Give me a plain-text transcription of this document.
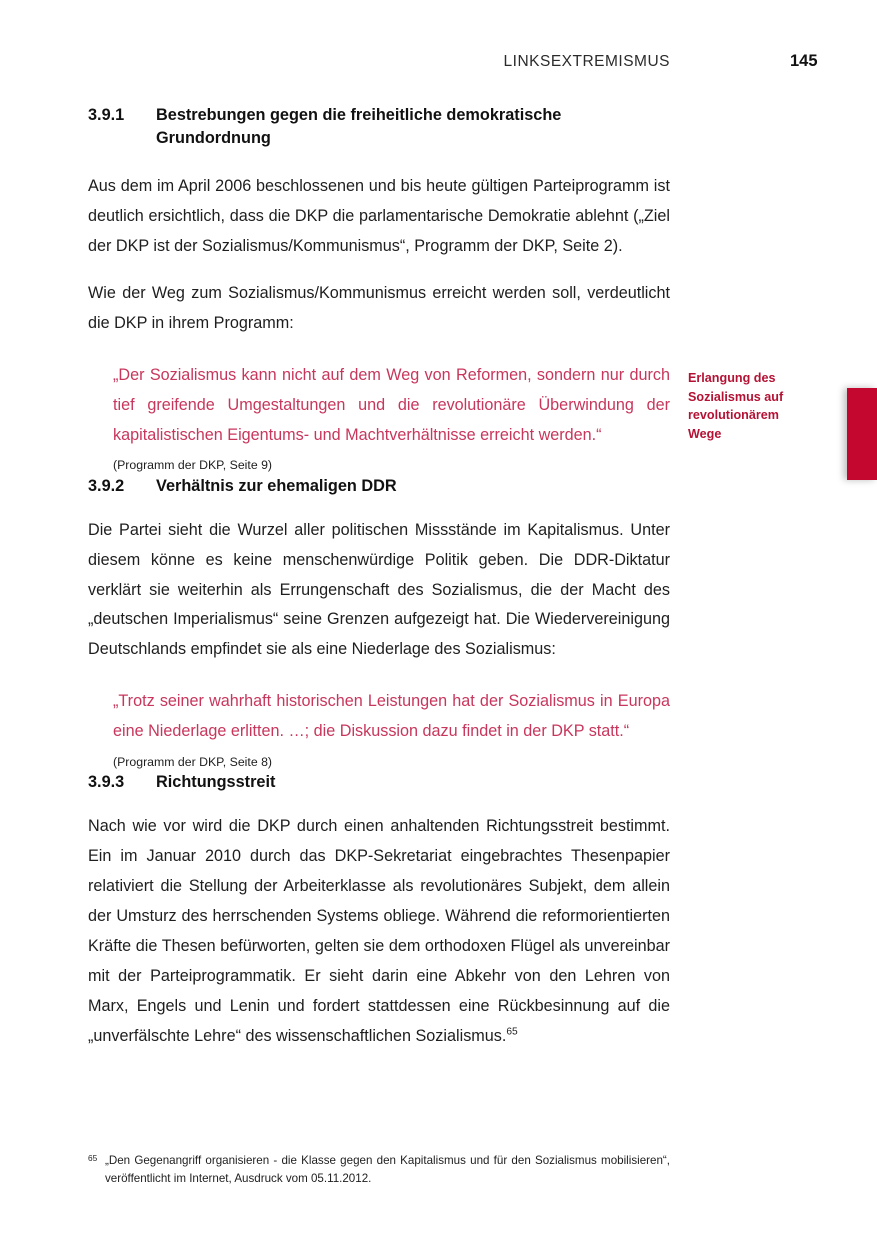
LINKSEXTREMISMUS	145
3.9.1	Bestrebungen gegen die freiheitliche demokratische Grundordnung

Aus dem im April 2006 beschlossenen und bis heute gültigen Parteiprogramm ist deutlich ersichtlich, dass die DKP die parlamentarische Demokratie ablehnt („Ziel der DKP ist der Sozialismus/Kommunismus“, Programm der DKP, Seite 2).

Wie der Weg zum Sozialismus/Kommunismus erreicht werden soll, verdeutlicht die DKP in ihrem Programm:

„Der Sozialismus kann nicht auf dem Weg von Reformen, sondern nur durch tief greifende Umgestaltungen und die revolutionäre Überwindung der kapitalistischen Eigentums- und Machtverhältnisse erreicht werden.“

(Programm der DKP, Seite 9)

3.9.2	Verhältnis zur ehemaligen DDR

Die Partei sieht die Wurzel aller politischen Missstände im Kapitalismus. Unter diesem könne es keine menschenwürdige Politik geben. Die DDR-Diktatur verklärt sie weiterhin als Errungenschaft des Sozialismus, die der Macht des „deutschen Imperialismus“ seine Grenzen aufgezeigt hat. Die Wiedervereinigung Deutschlands empfindet sie als eine Niederlage des Sozialismus:

„Trotz seiner wahrhaft historischen Leistungen hat der Sozialismus in Europa eine Niederlage erlitten. …; die Diskussion dazu findet in der DKP statt.“

(Programm der DKP, Seite 8)

3.9.3	Richtungsstreit

Nach wie vor wird die DKP durch einen anhaltenden Richtungsstreit bestimmt. Ein im Januar 2010 durch das DKP-Sekretariat eingebrachtes Thesenpapier relativiert die Stellung der Arbeiterklasse als revolutionäres Subjekt, dem allein der Umsturz des herrschenden Systems obliege. Während die reformorientierten Kräfte die Thesen befürworten, gelten sie dem orthodoxen Flügel als unvereinbar mit der Parteiprogrammatik. Er sieht darin eine Abkehr von den Lehren von Marx, Engels und Lenin und fordert stattdessen eine Rückbesinnung auf die „unverfälschte Lehre“ des wissenschaftlichen Sozialismus.$^{65}$

Erlangung des Sozialismus auf revolutionärem Wege
65 „Den Gegenangriff organisieren - die Klasse gegen den Kapitalismus und für den Sozialismus mobilisieren“, veröffentlicht im Internet, Ausdruck vom 05.11.2012.
